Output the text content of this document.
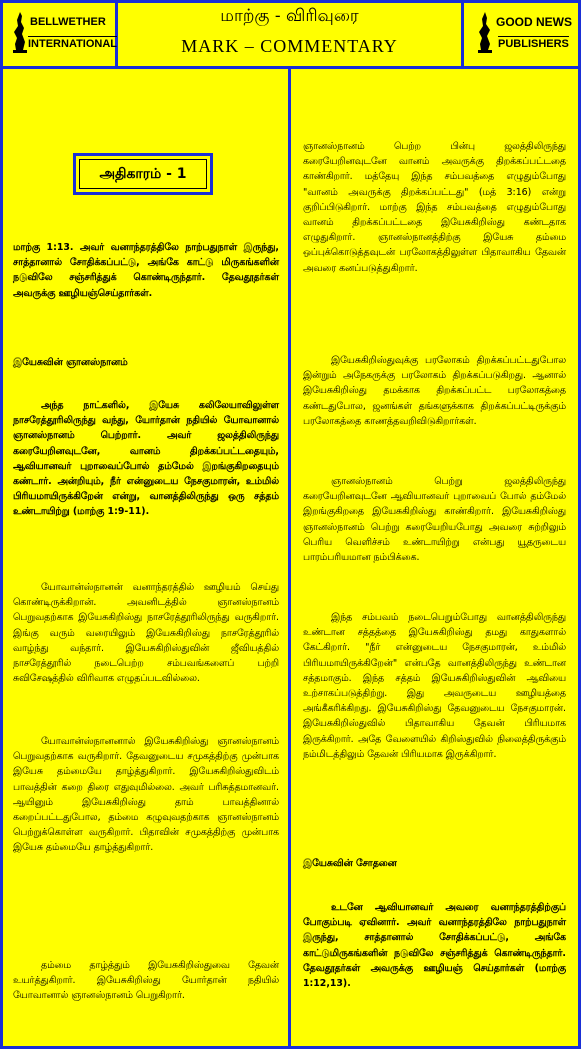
BELLWETHER
INTERNATIONAL
மாற்கு - விரிவுரை
MARK – COMMENTARY
GOOD NEWS
PUBLISHERS
அதிகாரம் - 1

மாற்கு 1:13. அவர் வனாந்தரத்திலே நாற்பதுநாள் இருந்து, சாத்தானால் சோதிக்கப்பட்டு, அங்கே காட்டு மிருகங்களின் நடுவிலே சஞ்சரித்துக் கொண்டிருந்தார். தேவதூதர்கள் அவருக்கு ஊழியஞ்செய்தார்கள்.

இயேசுவின் ஞானஸ்நானம்

அந்த நாட்களில், இயேசு கலிலேயாவிலுள்ள நாசரேத்தூரிலிருந்து வந்து, யோர்தான் நதியில் யோவானால் ஞானஸ்நானம் பெற்றார். அவர் ஜலத்திலிருந்து கரையேறினவுடனே, வானம் திறக்கப்பட்டதையும், ஆவியானவர் புறாவைப்போல் தம்மேல் இறங்குகிறதையும் கண்டார். அன்றியும், நீர் என்னுடைய நேசகுமாரன், உம்மில் பிரியமாயிருக்கிறேன் என்று, வானத்திலிருந்து ஒரு சத்தம் உண்டாயிற்று (மாற்கு 1:9-11).

யோவான்ஸ்நானன் வனாந்தரத்தில் ஊழியம் செய்து கொண்டிருக்கிறான். அவனிடத்தில் ஞானஸ்நானம் பெறுவதற்காக இயேசுகிறிஸ்து நாசரேத்தூரிலிருந்து வருகிறார். இங்கு வரும் வரையிலும் இயேசுகிறிஸ்து நாசரேத்தூரில் வாழ்ந்து வந்தார். இயேசுகிறிஸ்துவின் ஜீவியத்தில் நாசரேத்தூரில் நடைபெற்ற சம்பவங்களைப் பற்றி சுவிசேஷத்தில் விரிவாக எழுதப்படவில்லை.

யோவான்ஸ்நானனால் இயேசுகிறிஸ்து ஞானஸ்நானம் பெறுவதற்காக வருகிறார். தேவனுடைய சமுகத்திற்கு முன்பாக இயேசு தம்மையே தாழ்த்துகிறார். இயேசுகிறிஸ்துவிடம் பாவத்தின் கறை திரை எதுவுமில்லை. அவர் பரிசுத்தமானவர். ஆயினும் இயேசுகிறிஸ்து தாம் பாவத்தினால் கறைப்பட்டதுபோல, தம்மை கழுவுவதற்காக ஞானஸ்நானம் பெற்றுக்கொள்ள வருகிறார். பிதாவின் சமுகத்திற்கு முன்பாக இயேசு தம்மையே தாழ்த்துகிறார்.

தம்மை தாழ்த்தும் இயேசுகிறிஸ்துவை தேவன் உயர்த்துகிறார். இயேசுகிறிஸ்து யோர்தான் நதியில் யோவானால் ஞானஸ்நானம் பெறுகிறார்.

ஞானஸ்நானம் பெற்ற பின்பு ஜலத்திலிருந்து கரையேறினவுடனே வானம் அவருக்கு திறக்கப்பட்டதை காண்கிறார். மத்தேயு இந்த சம்பவத்தை எழுதும்போது "வானம் அவருக்கு திறக்கப்பட்டது" (மத் 3:16) என்று குறிப்பிடுகிறார். மாற்கு இந்த சம்பவத்தை எழுதும்போது வானம் திறக்கப்பட்டதை இயேசுகிறிஸ்து கண்டதாக எழுதுகிறார். ஞானஸ்நானத்திற்கு இயேசு தம்மை ஒப்புக்கொடுத்தவுடன் பரலோகத்திலுள்ள பிதாவாகிய தேவன் அவரை கனப்படுத்துகிறார்.

இயேசுகிறிஸ்துவுக்கு பரலோகம் திறக்கப்பட்டதுபோல இன்றும் அநேகருக்கு பரலோகம் திறக்கப்படுகிறது. ஆனால் இயேசுகிறிஸ்து தமக்காக திறக்கப்பட்ட பரலோகத்தை கண்டதுபோல, ஜனங்கள் தங்களுக்காக திறக்கப்பட்டிருக்கும் பரலோகத்தை காணத்தவறிவிடுகிறார்கள்.

ஞானஸ்நானம் பெற்று ஜலத்திலிருந்து கரையேறினவுடனே ஆவியானவர் புறாவைப் போல் தம்மேல் இறங்குகிறதை இயேசுகிறிஸ்து காண்கிறார். இயேசுகிறிஸ்து ஞானஸ்நானம் பெற்று கரையேறியபோது அவரை சுற்றிலும் பெரிய வெளிச்சம் உண்டாயிற்று என்பது யூதருடைய பாரம்பரியமான நம்பிக்கை.

இந்த சம்பவம் நடைபெறும்போது வானத்திலிருந்து உண்டான சத்தத்தை இயேசுகிறிஸ்து தமது காதுகளால் கேட்கிறார். "நீர் என்னுடைய நேசகுமாரன், உம்மில் பிரியமாயிருக்கிறேன்" என்பதே வானத்திலிருந்து உண்டான சத்தமாகும். இந்த சத்தம் இயேசுகிறிஸ்துவின் ஆவியை உற்சாகப்படுத்திற்று. இது அவருடைய ஊழியத்தை அங்கீகரிக்கிறது. இயேசுகிறிஸ்து தேவனுடைய நேசகுமாரன். இயேசுகிறிஸ்துவில் பிதாவாகிய தேவன் பிரியமாக இருக்கிறார். அதே வேளையில் கிறிஸ்துவில் நிலைத்திருக்கும் நம்மிடத்திலும் தேவன் பிரியமாக இருக்கிறார்.

இயேசுவின் சோதனை

உடனே ஆவியானவர் அவரை வனாந்தரத்திற்குப் போகும்படி ஏவினார். அவர் வனாந்தரத்திலே நாற்பதுநாள் இருந்து, சாத்தானால் சோதிக்கப்பட்டு, அங்கே காட்டுமிருகங்களின் நடுவிலே சஞ்சரித்துக் கொண்டிருந்தார். தேவதூதர்கள் அவருக்கு ஊழியஞ் செய்தார்கள் (மாற்கு 1:12,13).
